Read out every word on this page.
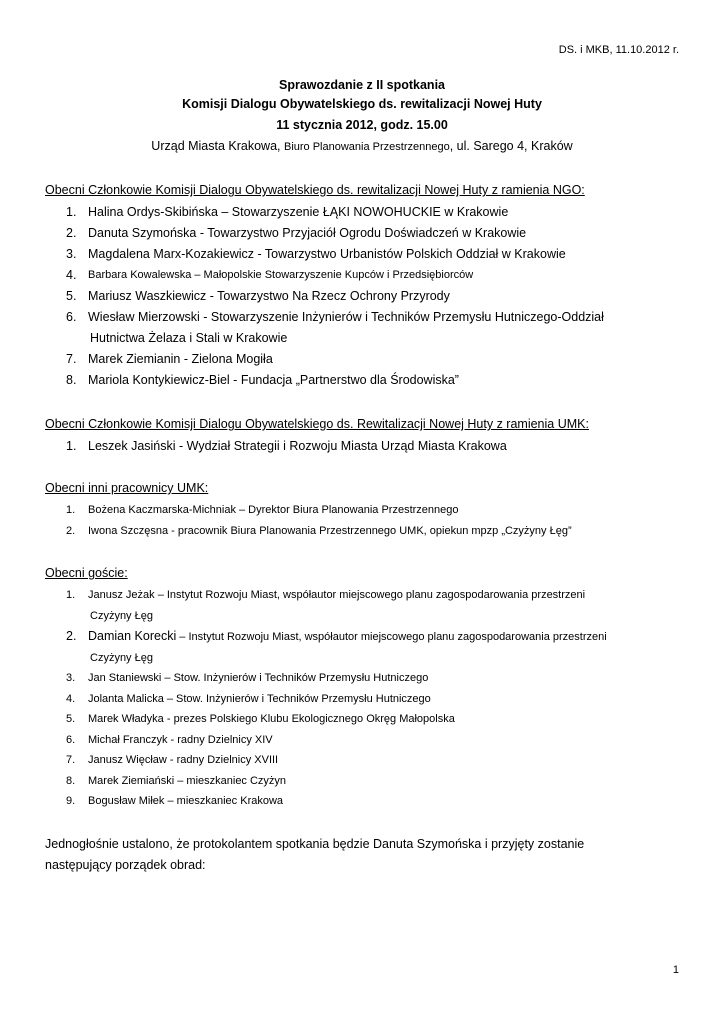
DS. i MKB, 11.10.2012 r.
Sprawozdanie z II spotkania
Komisji Dialogu Obywatelskiego ds. rewitalizacji Nowej Huty
11 stycznia 2012, godz. 15.00
Urząd Miasta Krakowa, Biuro Planowania Przestrzennego, ul. Sarego 4, Kraków
Obecni Członkowie Komisji Dialogu Obywatelskiego ds. rewitalizacji Nowej Huty z ramienia NGO:
1. Halina Ordys-Skibińska – Stowarzyszenie ŁĄKI NOWOHUCKIE w Krakowie
2. Danuta Szymońska - Towarzystwo Przyjaciół Ogrodu Doświadczeń w Krakowie
3. Magdalena Marx-Kozakiewicz - Towarzystwo Urbanistów Polskich Oddział w Krakowie
4. Barbara Kowalewska – Małopolskie Stowarzyszenie Kupców i Przedsiębiorców
5. Mariusz Waszkiewicz - Towarzystwo Na Rzecz Ochrony Przyrody
6. Wiesław Mierzowski - Stowarzyszenie Inżynierów i Techników Przemysłu Hutniczego-Oddział
Hutnictwa Żelaza i Stali w Krakowie
7. Marek Ziemianin - Zielona Mogiła
8. Mariola Kontykiewicz-Biel - Fundacja „Partnerstwo dla Środowiska”
Obecni Członkowie Komisji Dialogu Obywatelskiego ds. Rewitalizacji Nowej Huty z ramienia UMK:
1. Leszek Jasiński - Wydział Strategii i Rozwoju Miasta Urząd Miasta Krakowa
Obecni inni pracownicy UMK:
1. Bożena Kaczmarska-Michniak – Dyrektor Biura Planowania Przestrzennego
2. Iwona Szczęsna - pracownik Biura Planowania Przestrzennego UMK, opiekun mpzp „Czyżyny Łęg”
Obecni goście:
1. Janusz Jeżak – Instytut Rozwoju Miast, współautor miejscowego planu zagospodarowania przestrzeni
Czyżyny Łęg
2. Damian Korecki – Instytut Rozwoju Miast, współautor miejscowego planu zagospodarowania przestrzeni
Czyżyny Łęg
3. Jan Staniewski – Stow. Inżynierów i Techników Przemysłu Hutniczego
4. Jolanta Malicka – Stow. Inżynierów i Techników Przemysłu Hutniczego
5. Marek Władyka - prezes Polskiego Klubu Ekologicznego Okręg Małopolska
6. Michał Franczyk - radny Dzielnicy XIV
7. Janusz Więcław - radny Dzielnicy XVIII
8. Marek Ziemiański – mieszkaniec Czyżyn
9. Bogusław Miłek – mieszkaniec Krakowa
Jednogłośnie ustalono, że protokolantem spotkania będzie Danuta Szymońska i przyjęty zostanie następujący porządek obrad:
1
